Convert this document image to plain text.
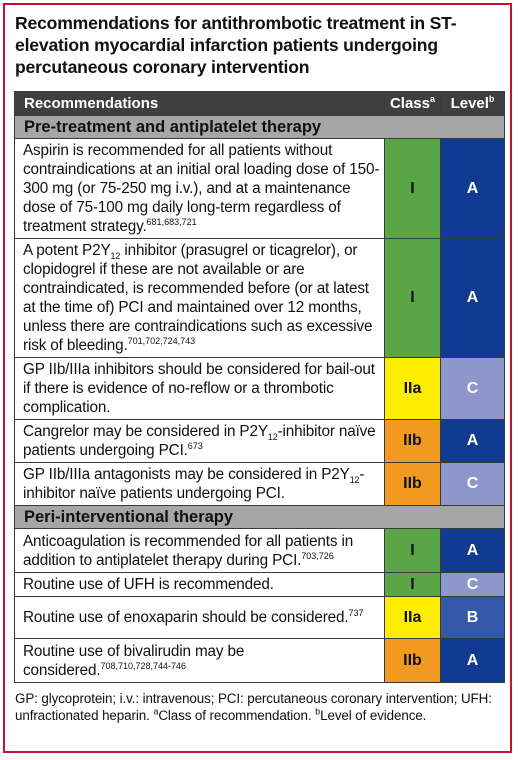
Recommendations for antithrombotic treatment in ST-elevation myocardial infarction patients undergoing percutaneous coronary intervention
Recommendations	Class$^a$	Level$^b$
Pre-treatment and antiplatelet therapy		
Aspirin is recommended for all patients without contraindications at an initial oral loading dose of 150-300 mg (or 75-250 mg i.v.), and at a maintenance dose of 75-100 mg daily long-term regardless of treatment strategy.$^{681,683,721}$	I	A
A potent $P2Y_{12}$ inhibitor (prasugrel or ticagrelor), or clopidogrel if these are not available or are contraindicated, is recommended before (or at latest at the time of) PCI and maintained over 12 months, unless there are contraindications such as excessive risk of bleeding.$^{701,702,724,743}$	I	A
GP IIb/IIIa inhibitors should be considered for bail-out if there is evidence of no-reflow or a thrombotic complication.	IIa	C
Cangrelor may be considered in $P2Y_{12}$-inhibitor naïve patients undergoing PCI.$^{673}$	IIb	A
GP IIb/IIIa antagonists may be considered in $P2Y_{12}$-inhibitor naïve patients undergoing PCI.	IIb	C
Peri-interventional therapy		
Anticoagulation is recommended for all patients in addition to antiplatelet therapy during PCI.$^{703,726}$	I	A
Routine use of UFH is recommended.	I	C
Routine use of enoxaparin should be considered.$^{737}$	IIa	B
Routine use of bivalirudin may be considered.$^{708,710,728,744-746}$	IIb	A
GP: glycoprotein; i.v.: intravenous; PCI: percutaneous coronary intervention; UFH: unfractionated heparin. $^a$Class of recommendation. $^b$Level of evidence.
